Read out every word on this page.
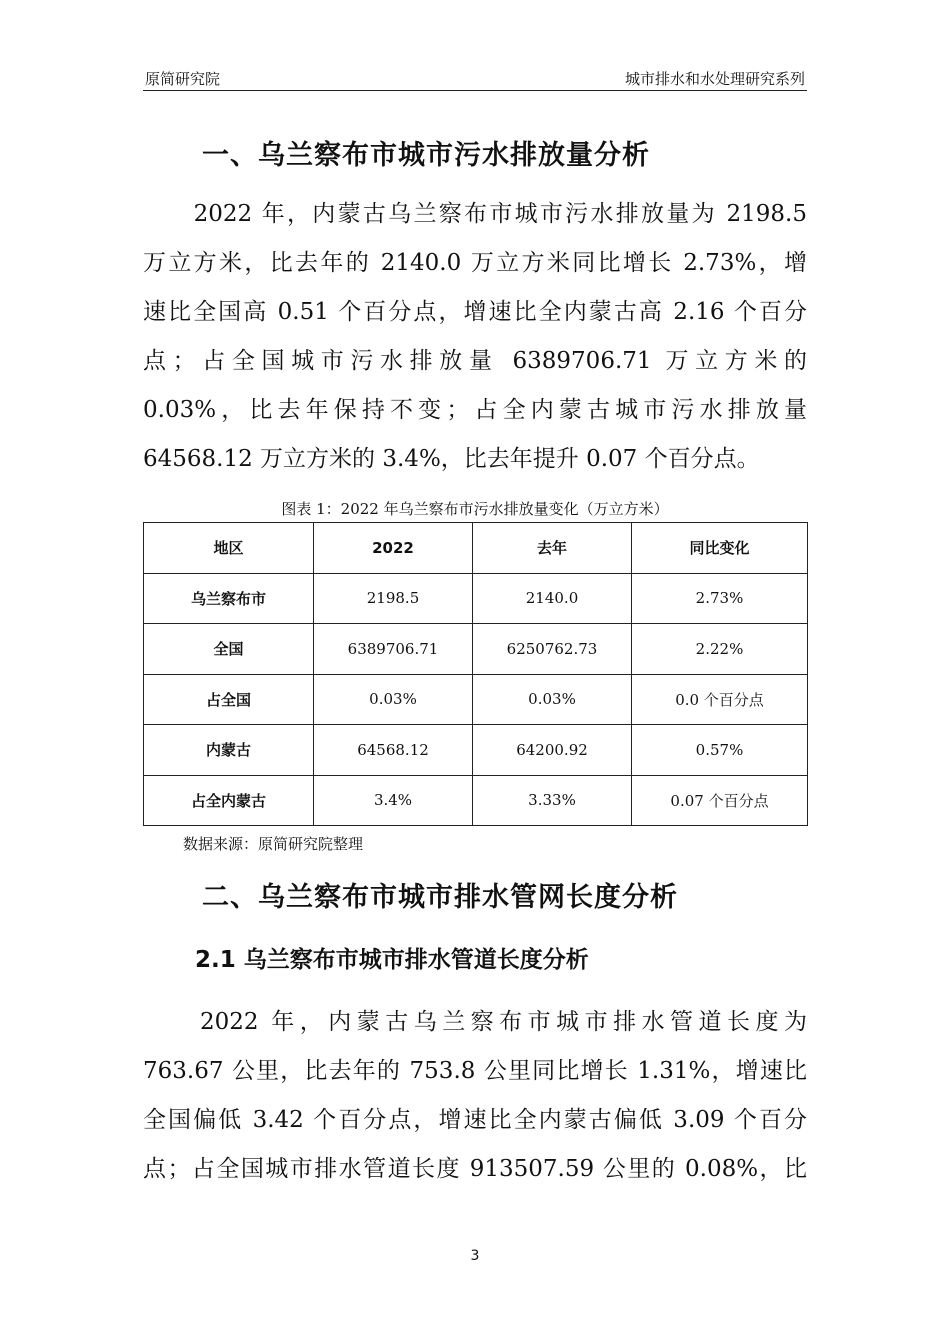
原简研究院	城市排水和水处理研究系列
一、乌兰察布市城市污水排放量分析
　　2022 年，内蒙古乌兰察布市城市污水排放量为 2198.5
万立方米，比去年的 2140.0 万立方米同比增长 2.73%，增
速比全国高 0.51 个百分点，增速比全内蒙古高 2.16 个百分
点；占全国城市污水排放量 6389706.71 万立方米的
0.03%，比去年保持不变；占全内蒙古城市污水排放量
64568.12 万立方米的 3.4%，比去年提升 0.07 个百分点。
图表 1：2022 年乌兰察布市污水排放量变化（万立方米）
地区	2022	去年	同比变化
乌兰察布市	2198.5	2140.0	2.73%
全国	6389706.71	6250762.73	2.22%
占全国	0.03%	0.03%	0.0 个百分点
内蒙古	64568.12	64200.92	0.57%
占全内蒙古	3.4%	3.33%	0.07 个百分点
数据来源：原简研究院整理
二、乌兰察布市城市排水管网长度分析
2.1 乌兰察布市城市排水管道长度分析
　　2022 年，内蒙古乌兰察布市城市排水管道长度为
763.67 公里，比去年的 753.8 公里同比增长 1.31%，增速比
全国偏低 3.42 个百分点，增速比全内蒙古偏低 3.09 个百分
点；占全国城市排水管道长度 913507.59 公里的 0.08%，比
3
